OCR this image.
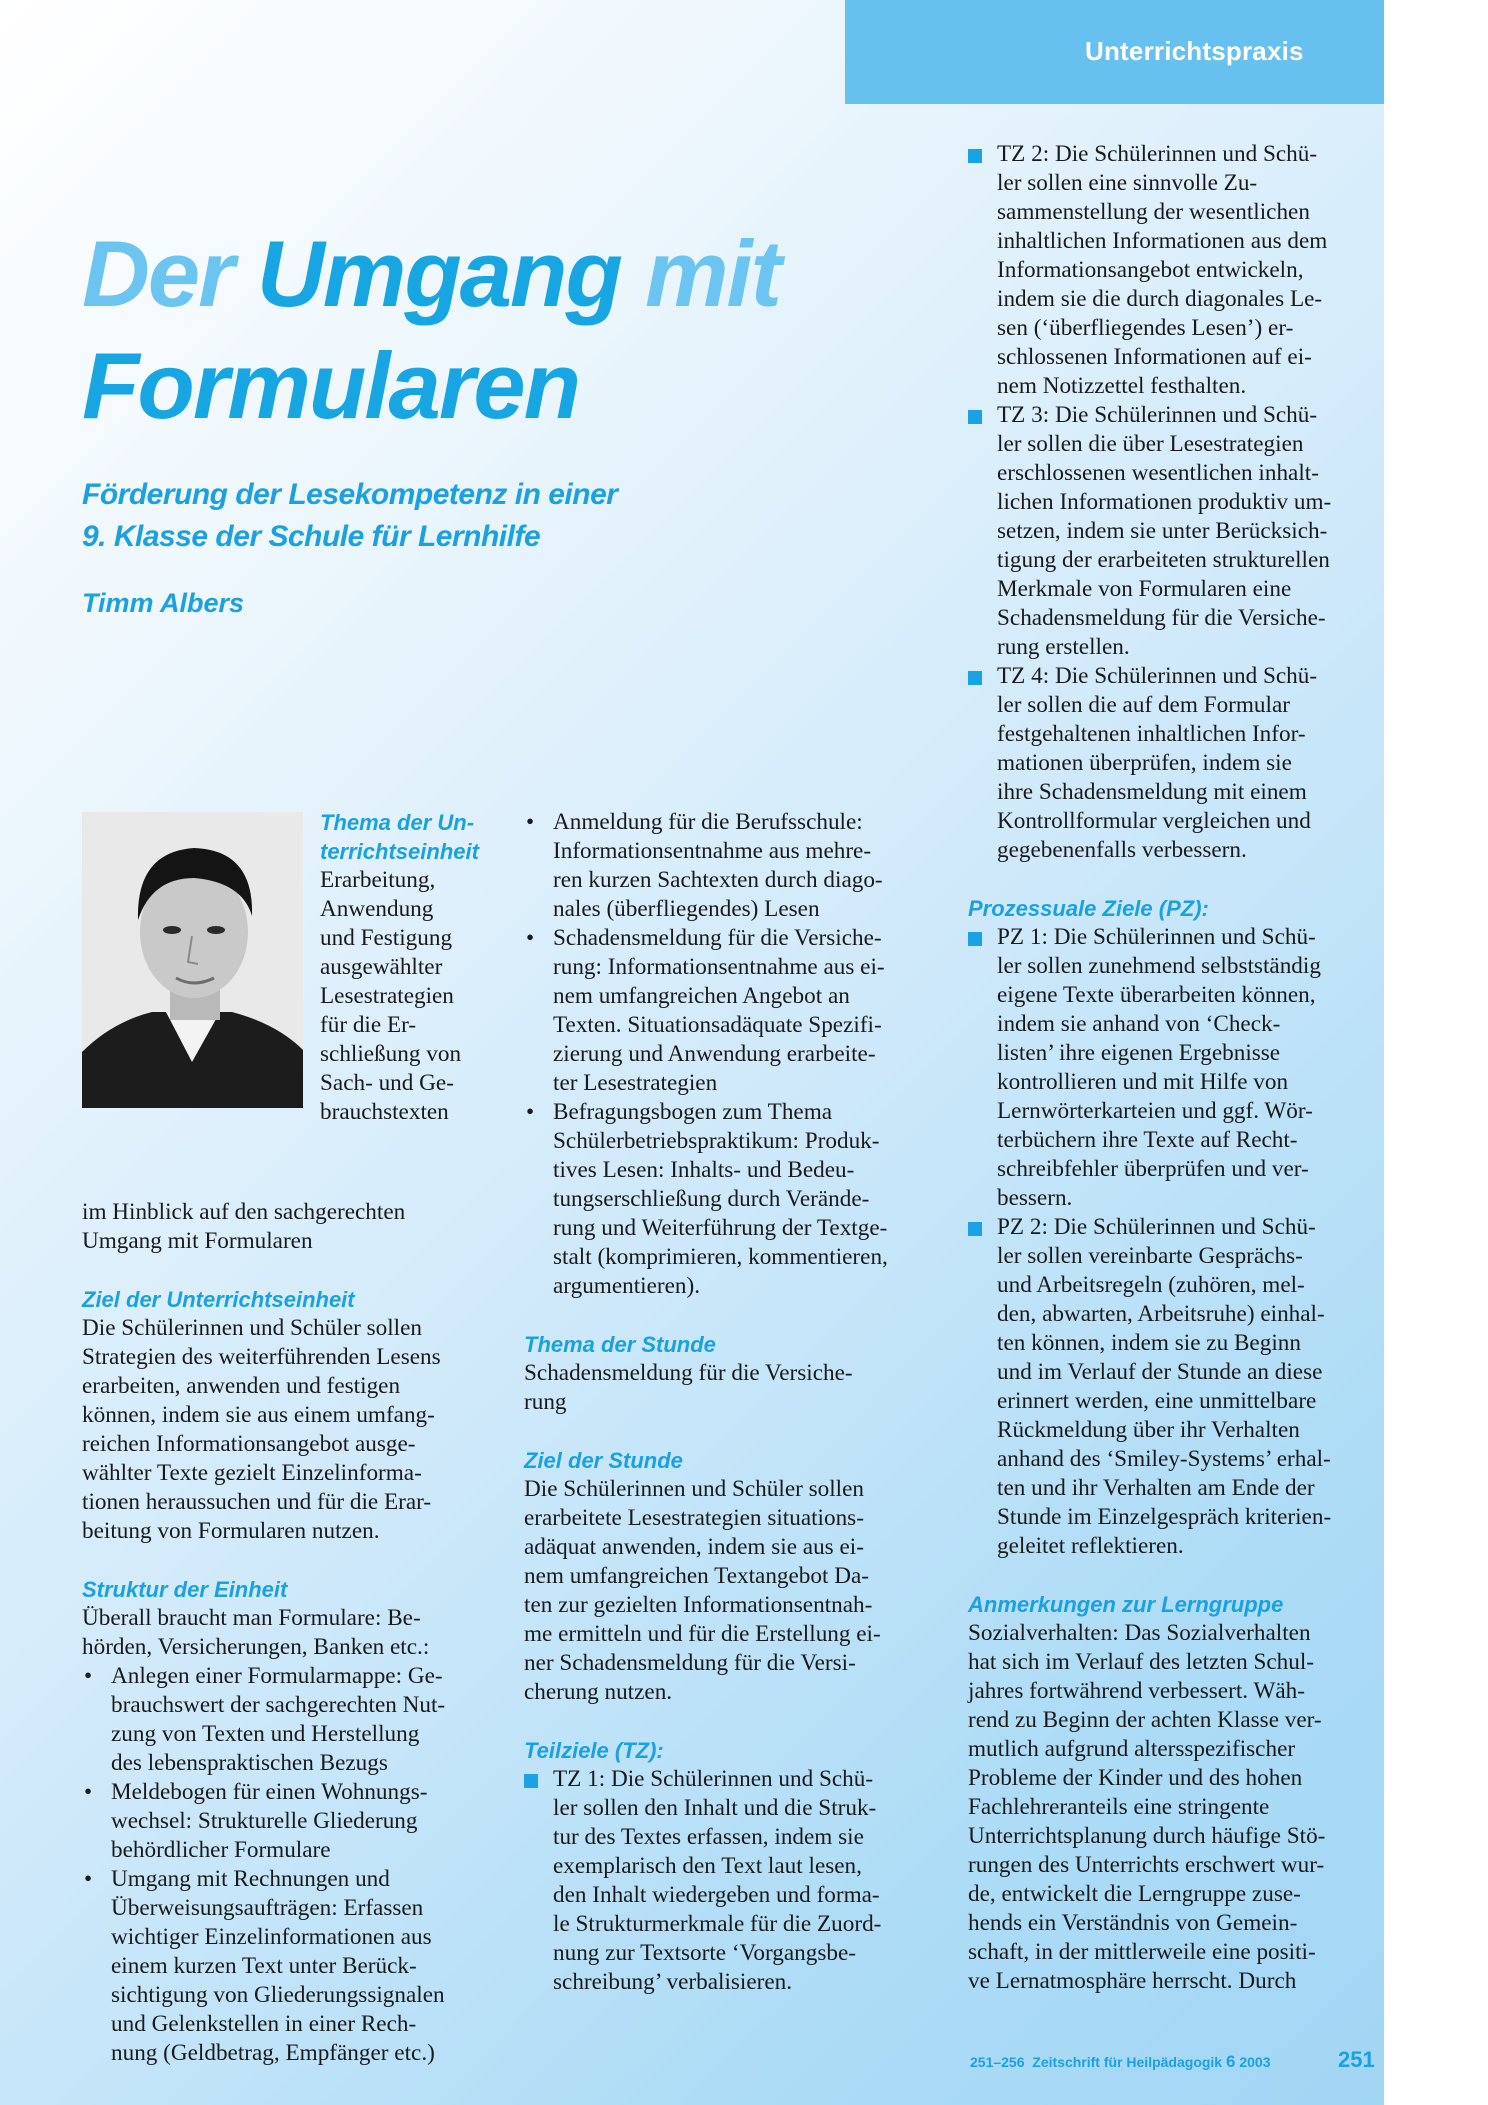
Unterrichtspraxis
Der Umgang mit
Formularen
Förderung der Lesekompetenz in einer
9. Klasse der Schule für Lernhilfe
Timm Albers

Thema der Un-

terrichtseinheit

Erarbeitung,
Anwendung
und Festigung
ausgewählter
Lesestrategien
für die Er-
schließung von
Sach- und Ge-
brauchstexten
im Hinblick auf den sachgerechten
Umgang mit Formularen

Ziel der Unterrichtseinheit

Die Schülerinnen und Schüler sollen
Strategien des weiterführenden Lesens
erarbeiten, anwenden und festigen
können, indem sie aus einem umfang-
reichen Informationsangebot ausge-
wählter Texte gezielt Einzelinforma-
tionen heraussuchen und für die Erar-
beitung von Formularen nutzen.

Struktur der Einheit

Überall braucht man Formulare: Be-
hörden, Versicherungen, Banken etc.:
• Anlegen einer Formularmappe: Ge-
brauchswert der sachgerechten Nut-
zung von Texten und Herstellung
des lebenspraktischen Bezugs
• Meldebogen für einen Wohnungs-
wechsel: Strukturelle Gliederung
behördlicher Formulare
• Umgang mit Rechnungen und
Überweisungsaufträgen: Erfassen
wichtiger Einzelinformationen aus
einem kurzen Text unter Berück-
sichtigung von Gliederungssignalen
und Gelenkstellen in einer Rech-
nung (Geldbetrag, Empfänger etc.)
• Anmeldung für die Berufsschule:
Informationsentnahme aus mehre-
ren kurzen Sachtexten durch diago-
nales (überfliegendes) Lesen
• Schadensmeldung für die Versiche-
rung: Informationsentnahme aus ei-
nem umfangreichen Angebot an
Texten. Situationsadäquate Spezifi-
zierung und Anwendung erarbeite-
ter Lesestrategien
• Befragungsbogen zum Thema
Schülerbetriebspraktikum: Produk-
tives Lesen: Inhalts- und Bedeu-
tungserschließung durch Verände-
rung und Weiterführung der Textge-
stalt (komprimieren, kommentieren,
argumentieren).

Thema der Stunde

Schadensmeldung für die Versiche-
rung

Ziel der Stunde

Die Schülerinnen und Schüler sollen
erarbeitete Lesestrategien situations-
adäquat anwenden, indem sie aus ei-
nem umfangreichen Textangebot Da-
ten zur gezielten Informationsentnah-
me ermitteln und für die Erstellung ei-
ner Schadensmeldung für die Versi-
cherung nutzen.

Teilziele (TZ):

TZ 1: Die Schülerinnen und Schü-
ler sollen den Inhalt und die Struk-
tur des Textes erfassen, indem sie
exemplarisch den Text laut lesen,
den Inhalt wiedergeben und forma-
le Strukturmerkmale für die Zuord-
nung zur Textsorte ‘Vorgangsbe-
schreibung’ verbalisieren.
TZ 2: Die Schülerinnen und Schü-
ler sollen eine sinnvolle Zu-
sammenstellung der wesentlichen
inhaltlichen Informationen aus dem
Informationsangebot entwickeln,
indem sie die durch diagonales Le-
sen (‘überfliegendes Lesen’) er-
schlossenen Informationen auf ei-
nem Notizzettel festhalten.
TZ 3: Die Schülerinnen und Schü-
ler sollen die über Lesestrategien
erschlossenen wesentlichen inhalt-
lichen Informationen produktiv um-
setzen, indem sie unter Berücksich-
tigung der erarbeiteten strukturellen
Merkmale von Formularen eine
Schadensmeldung für die Versiche-
rung erstellen.
TZ 4: Die Schülerinnen und Schü-
ler sollen die auf dem Formular
festgehaltenen inhaltlichen Infor-
mationen überprüfen, indem sie
ihre Schadensmeldung mit einem
Kontrollformular vergleichen und
gegebenenfalls verbessern.

Prozessuale Ziele (PZ):

PZ 1: Die Schülerinnen und Schü-
ler sollen zunehmend selbstständig
eigene Texte überarbeiten können,
indem sie anhand von ‘Check-
listen’ ihre eigenen Ergebnisse
kontrollieren und mit Hilfe von
Lernwörterkarteien und ggf. Wör-
terbüchern ihre Texte auf Recht-
schreibfehler überprüfen und ver-
bessern.
PZ 2: Die Schülerinnen und Schü-
ler sollen vereinbarte Gesprächs-
und Arbeitsregeln (zuhören, mel-
den, abwarten, Arbeitsruhe) einhal-
ten können, indem sie zu Beginn
und im Verlauf der Stunde an diese
erinnert werden, eine unmittelbare
Rückmeldung über ihr Verhalten
anhand des ‘Smiley-Systems’ erhal-
ten und ihr Verhalten am Ende der
Stunde im Einzelgespräch kriterien-
geleitet reflektieren.

Anmerkungen zur Lerngruppe

Sozialverhalten: Das Sozialverhalten
hat sich im Verlauf des letzten Schul-
jahres fortwährend verbessert. Wäh-
rend zu Beginn der achten Klasse ver-
mutlich aufgrund altersspezifischer
Probleme der Kinder und des hohen
Fachlehreranteils eine stringente
Unterrichtsplanung durch häufige Stö-
rungen des Unterrichts erschwert wur-
de, entwickelt die Lerngruppe zuse-
hends ein Verständnis von Gemein-
schaft, in der mittlerweile eine positi-
ve Lernatmosphäre herrscht. Durch
251–256 Zeitschrift für Heilpädagogik 6 2003	251
